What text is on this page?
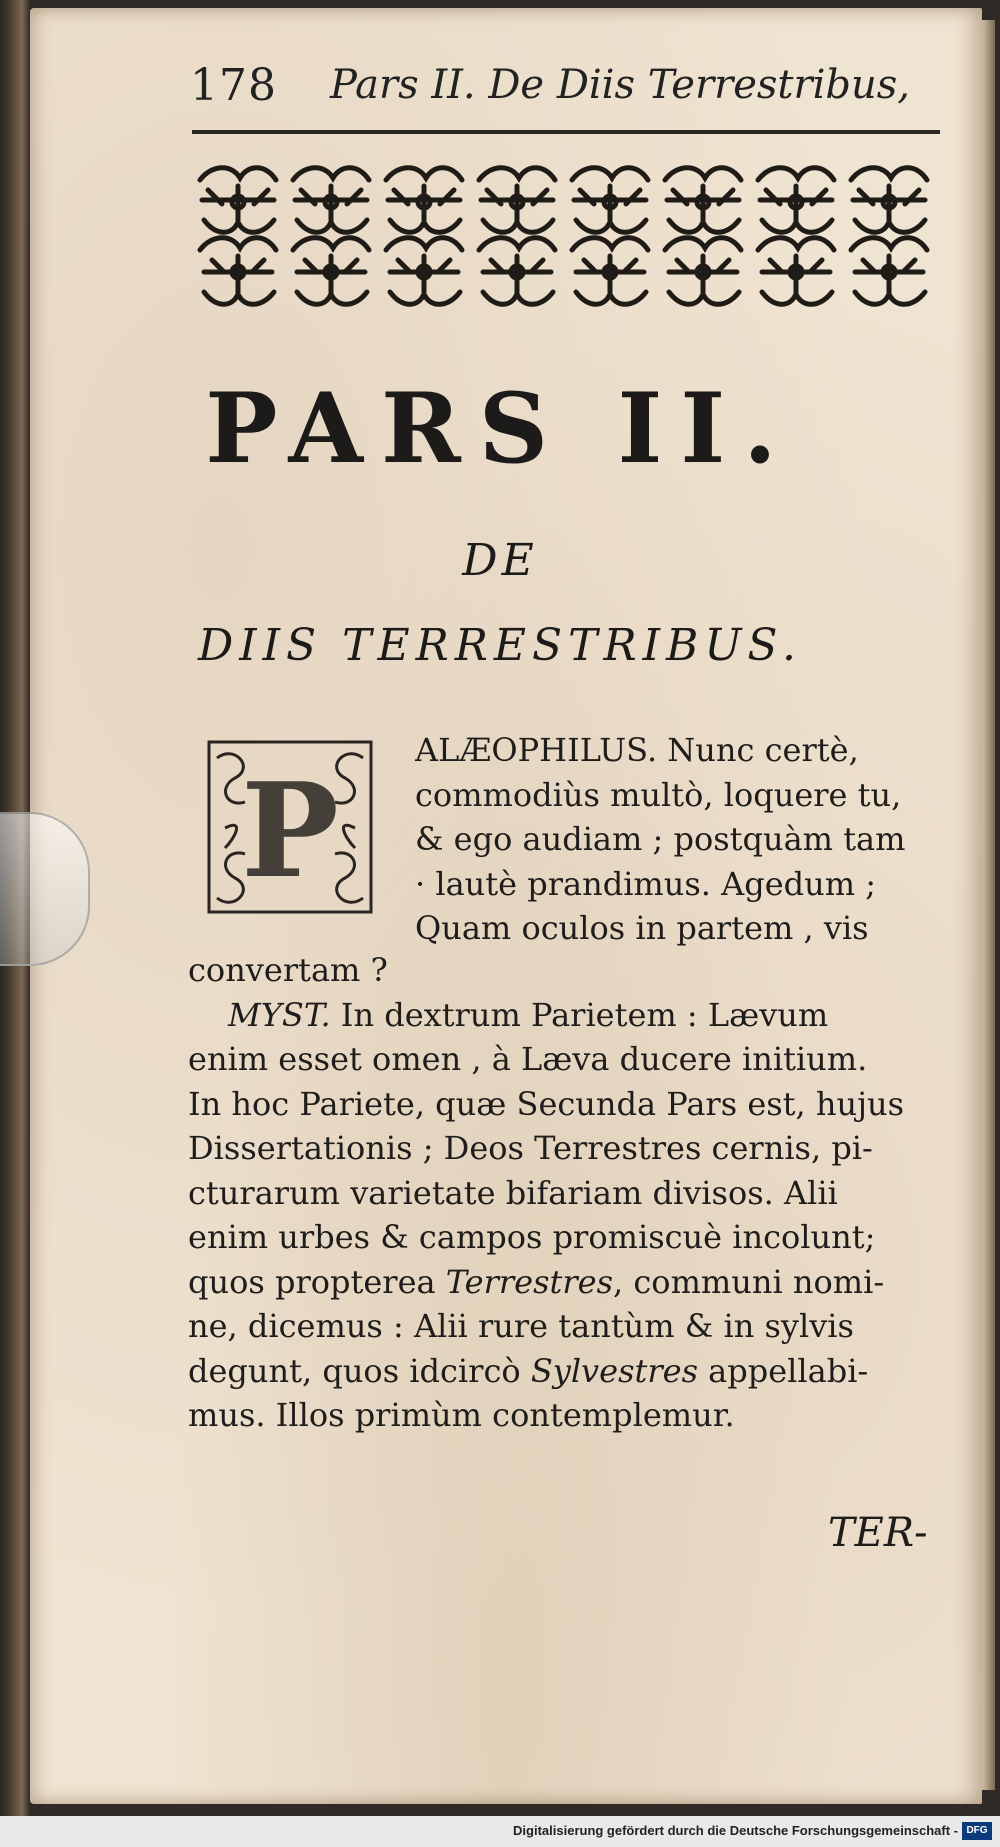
178 Pars II. De Diis Terrestribus,
PARS II.
DE
DIIS TERRESTRIBUS.
P
ALÆOPHILUS. Nunc certè,
commodiùs multò, loquere tu,
& ego audiam ; postquàm tam
· lautè prandimus. Agedum ;
Quam oculos in partem , vis
convertam ?
MYST. In dextrum Parietem : Lævum
enim esset omen , à Læva ducere initium.
In hoc Pariete, quæ Secunda Pars est, hujus
Dissertationis ; Deos Terrestres cernis, pi-
cturarum varietate bifariam divisos. Alii
enim urbes & campos promiscuè incolunt;
quos propterea Terrestres, communi nomi-
ne, dicemus : Alii rure tantùm & in sylvis
degunt, quos idcircò Sylvestres appellabi-
mus. Illos primùm contemplemur.
TER-
Digitalisierung gefördert durch die Deutsche Forschungsgemeinschaft - DFG
